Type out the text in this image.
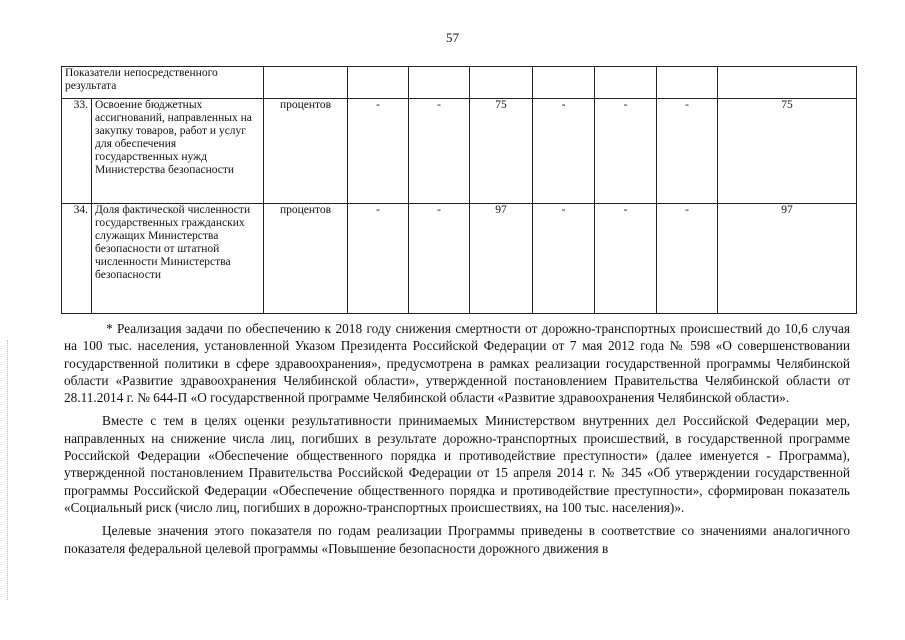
57
Показатели непосредственного результата									
33.	Освоение бюджетных ассигнований, направленных на закупку товаров, работ и услуг для обеспечения государственных нужд Министерства безопасности	процентов	-	-	75	-	-	-	75
34.	Доля фактической численности государственных гражданских служащих Министерства безопасности от штатной численности Министерства безопасности	процентов	-	-	97	-	-	-	97

* Реализация задачи по обеспечению к 2018 году снижения смертности от дорожно-транспортных происшествий до 10,6 случая на 100 тыс. населения, установленной Указом Президента Российской Федерации от 7 мая 2012 года № 598 «О совершенствовании государственной политики в сфере здравоохранения», предусмотрена в рамках реализации государственной программы Челябинской области «Развитие здравоохранения Челябинской области», утвержденной постановлением Правительства Челябинской области от 28.11.2014 г. № 644-П «О государственной программе Челябинской области «Развитие здравоохранения Челябинской области».

Вместе с тем в целях оценки результативности принимаемых Министерством внутренних дел Российской Федерации мер, направленных на снижение числа лиц, погибших в результате дорожно-транспортных происшествий, в государственной программе Российской Федерации «Обеспечение общественного порядка и противодействие преступности» (далее именуется - Программа), утвержденной постановлением Правительства Российской Федерации от 15 апреля 2014 г. № 345 «Об утверждении государственной программы Российской Федерации «Обеспечение общественного порядка и противодействие преступности», сформирован показатель «Социальный риск (число лиц, погибших в дорожно-транспортных происшествиях, на 100 тыс. населения)».

Целевые значения этого показателя по годам реализации Программы приведены в соответствие со значениями аналогичного показателя федеральной целевой программы «Повышение безопасности дорожного движения в
